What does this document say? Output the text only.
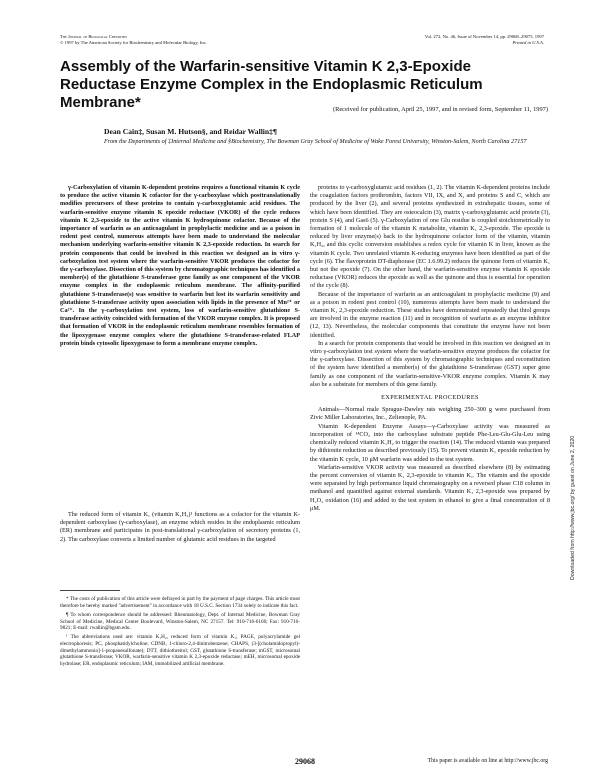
The Journal of Biological Chemistry
© 1997 by The American Society for Biochemistry and Molecular Biology, Inc.
Vol. 272, No. 46, Issue of November 14, pp. 29068–29075, 1997
Printed in U.S.A.
Assembly of the Warfarin-sensitive Vitamin K 2,3-Epoxide Reductase Enzyme Complex in the Endoplasmic Reticulum Membrane*	(Received for publication, April 25, 1997, and in revised form, September 11, 1997)
Dean Cain‡, Susan M. Hutson§, and Reidar Wallin‡¶
From the Departments of ‡Internal Medicine and §Biochemistry, The Bowman Gray School of Medicine of Wake Forest University, Winston-Salem, North Carolina 27157

γ-Carboxylation of vitamin K-dependent proteins requires a functional vitamin K cycle to produce the active vitamin K cofactor for the γ-carboxylase which posttranslationally modifies precursors of these proteins to contain γ-carboxyglutamic acid residues. The warfarin-sensitive enzyme vitamin K epoxide reductase (VKOR) of the cycle reduces vitamin K 2,3-epoxide to the active vitamin K hydroquinone cofactor. Because of the importance of warfarin as an anticoagulant in prophylactic medicine and as a poison in rodent pest control, numerous attempts have been made to understand the molecular mechanism underlying warfarin-sensitive vitamin K 2,3-epoxide reduction. In search for protein components that could be involved in this reaction we designed an in vitro γ-carboxylation test system where the warfarin-sensitive VKOR produces the cofactor for the γ-carboxylase. Dissection of this system by chromatographic techniques has identified a member(s) of the glutathione S-transferase gene family as one component of the VKOR enzyme complex in the endoplasmic reticulum membrane. The affinity-purified glutathione S-transferase(s) was sensitive to warfarin but lost its warfarin sensitivity and glutathione S-transferase activity upon association with lipids in the presence of Mn²⁺ or Ca²⁺. In the γ-carboxylation test system, loss of warfarin-sensitive glutathione S-transferase activity coincided with formation of the VKOR enzyme complex. It is proposed that formation of VKOR in the endoplasmic reticulum membrane resembles formation of the lipoxygenase enzyme complex where the glutathione S-transferase-related FLAP protein binds cytosolic lipoxygenase to form a membrane enzyme complex.

The reduced form of vitamin K₁ (vitamin K₁H₂)¹ functions as a cofactor for the vitamin K-dependent carboxylase (γ-carboxylase), an enzyme which resides in the endoplasmic reticulum (ER) membrane and participates in post-translational γ-carboxylation of secretory proteins (1, 2). The carboxylase converts a limited number of glutamic acid residues in the targeted

* The costs of publication of this article were defrayed in part by the payment of page charges. This article must therefore be hereby marked "advertisement" in accordance with 18 U.S.C. Section 1734 solely to indicate this fact.

¶ To whom correspondence should be addressed: Rheumatology, Dept. of Internal Medicine, Bowman Gray School of Medicine, Medical Center Boulevard, Winston-Salem, NC 27157. Tel: 910-716-6166; Fax: 910-716-9821; E-mail: rwallin@bgsm.edu.

¹ The abbreviations used are: vitamin K₁H₂, reduced form of vitamin K₁; PAGE, polyacrylamide gel electrophoresis; PC, phosphatidylcholine; CDNB, 1-chloro-2,4-dinitrobenzene; CHAPS, (3-[(cholamidopropyl)-dimethylammonio]-1-propanesulfonate); DTT, dithiothreitol; GST, glutathione S-transferase; mGST, microsomal glutathione S-transferase; VKOR, warfarin-sensitive vitamin K 2,3-epoxide reductase; mEH, microsomal epoxide hydrolase; ER, endoplasmic reticulum; IAM, immobilized artificial membrane.

proteins to γ-carboxyglutamic acid residues (1, 2). The vitamin K-dependent proteins include the coagulation factors prothrombin, factors VII, IX, and X, and proteins S and C, which are produced by the liver (2), and several proteins synthesized in extrahepatic tissues, some of which have been identified. They are osteocalcin (3), matrix γ-carboxyglutamic acid protein (3), protein S (4), and Gas6 (5). γ-Carboxylation of one Glu residue is coupled stoichiometrically to formation of 1 molecule of the vitamin K metabolite, vitamin K₁ 2,3-epoxide. The epoxide is reduced by liver enzyme(s) back to the hydroquinone cofactor form of the vitamin, vitamin K₁H₂, and this cyclic conversion establishes a redox cycle for vitamin K in liver, known as the vitamin K cycle. Two unrelated vitamin K-reducing enzymes have been identified as part of the cycle (6). The flavoprotein DT-diaphorase (EC 1.6.99.2) reduces the quinone form of vitamin K₁ but not the epoxide (7). On the other hand, the warfarin-sensitive enzyme vitamin K epoxide reductase (VKOR) reduces the epoxide as well as the quinone and thus is essential for operation of the cycle (8).

Because of the importance of warfarin as an anticoagulant in prophylactic medicine (9) and as a poison in rodent pest control (10), numerous attempts have been made to understand the vitamin K₁ 2,3-epoxide reduction. These studies have demonstrated repeatedly that thiol groups are involved in the enzyme reaction (11) and in recognition of warfarin as an enzyme inhibitor (12, 13). Nevertheless, the molecular components that constitute the enzyme have not been identified.

In a search for protein components that would be involved in this reaction we designed an in vitro γ-carboxylation test system where the warfarin-sensitive enzyme produces the cofactor for the γ-carboxylase. Dissection of this system by chromatographic techniques and reconstitution of the system have identified a member(s) of the glutathione S-transferase (GST) super gene family as one component of the warfarin-sensitive-VKOR enzyme complex. Vitamin K may also be a substrate for members of this gene family.

EXPERIMENTAL PROCEDURES

Animals—Normal male Sprague-Dawley rats weighing 250–300 g were purchased from Zivic Miller Laboratories, Inc., Zelienople, PA.

Vitamin K-dependent Enzyme Assays—γ-Carboxylase activity was measured as incorporation of ¹⁴CO₂ into the carboxylase substrate peptide Phe-Leu-Glu-Glu-Leu using chemically reduced vitamin K₁H₂ to trigger the reaction (14). The reduced vitamin was prepared by dithionite reduction as described previously (15). To prevent vitamin K₁ epoxide reduction by the vitamin K cycle, 10 μM warfarin was added to the test system.

Warfarin-sensitive VKOR activity was measured as described elsewhere (8) by estimating the percent conversion of vitamin K₁ 2,3-epoxide to vitamin K₁. The vitamin and the epoxide were separated by high performance liquid chromatography on a reversed phase C18 column in methanol and quantified against external standards. Vitamin K₁ 2,3-epoxide was prepared by H₂O₂ oxidation (16) and added to the test system in ethanol to give a final concentration of 8 μM.	Downloaded from http://www.jbc.org/ by guest on June 2, 2020
29068	This paper is available on line at http://www.jbc.org
